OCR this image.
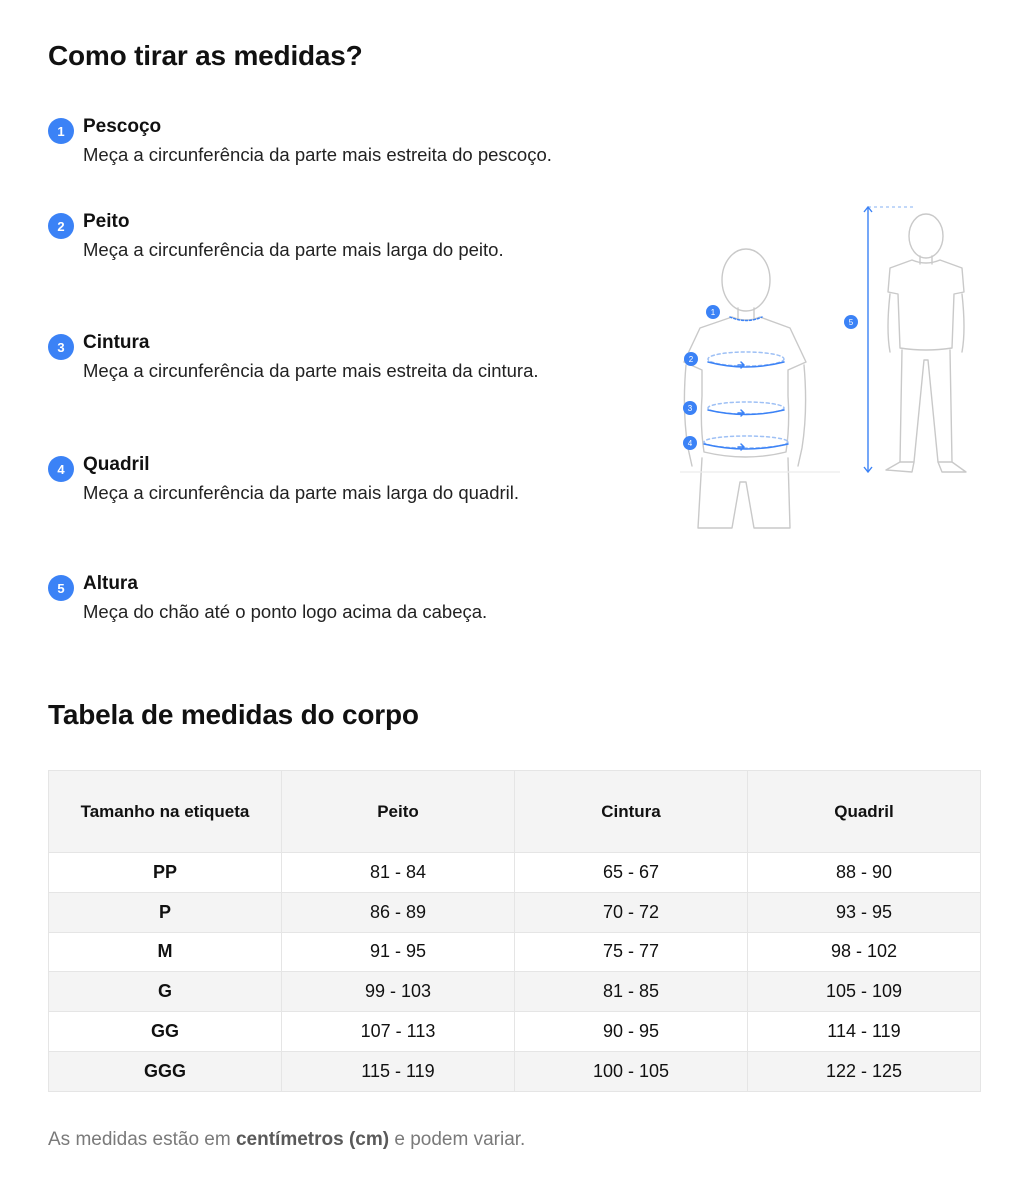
Como tirar as medidas?
1 Pescoço
Meça a circunferência da parte mais estreita do pescoço.
2 Peito
Meça a circunferência da parte mais larga do peito.
3 Cintura
Meça a circunferência da parte mais estreita da cintura.
4 Quadril
Meça a circunferência da parte mais larga do quadril.
5 Altura
Meça do chão até o ponto logo acima da cabeça.
1
2
3
4
5
Tabela de medidas do corpo
Tamanho na etiqueta	Peito	Cintura	Quadril
PP	81 - 84	65 - 67	88 - 90
P	86 - 89	70 - 72	93 - 95
M	91 - 95	75 - 77	98 - 102
G	99 - 103	81 - 85	105 - 109
GG	107 - 113	90 - 95	114 - 119
GGG	115 - 119	100 - 105	122 - 125
As medidas estão em centímetros (cm) e podem variar.
